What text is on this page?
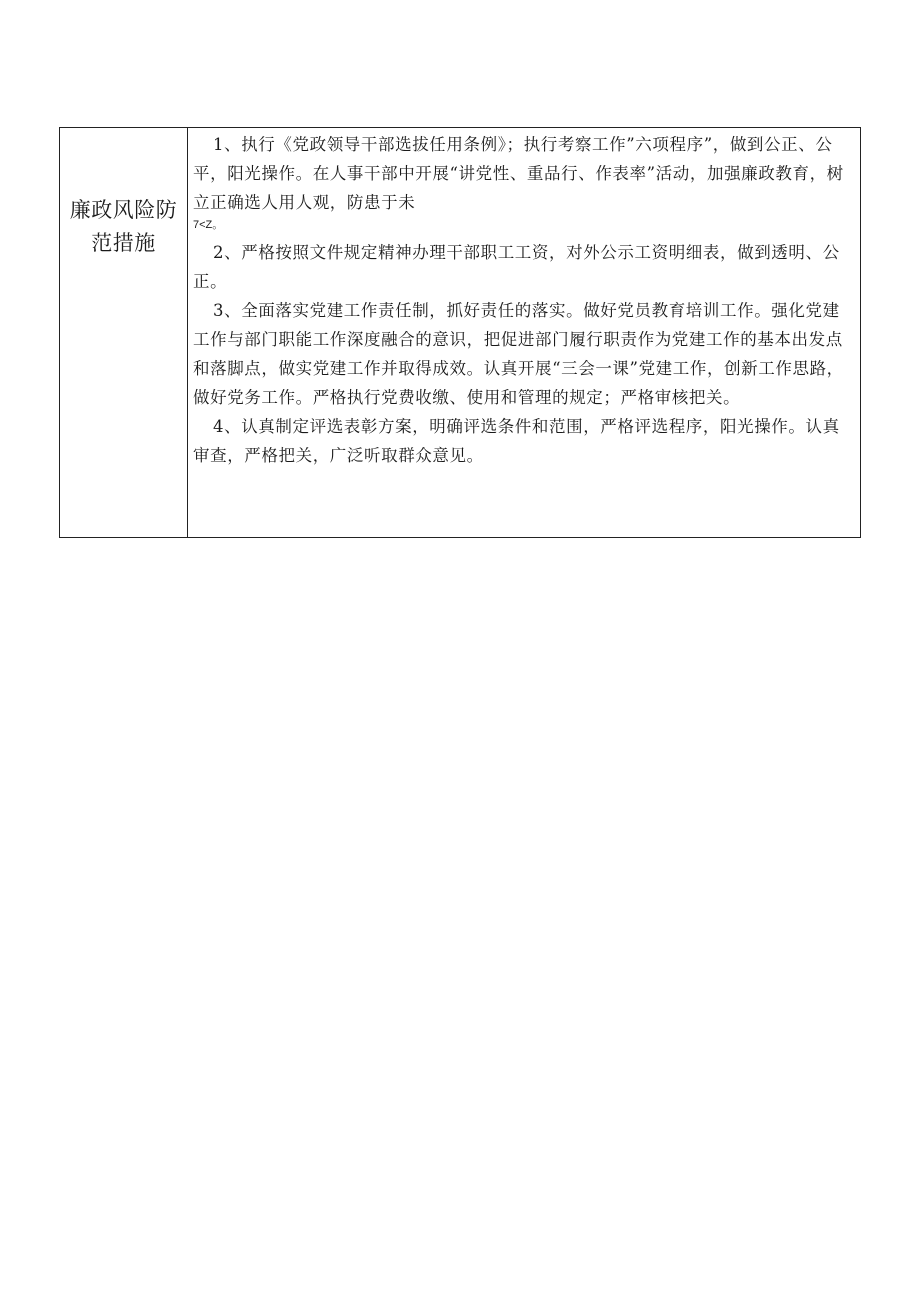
廉政风险防范措施

1、执行《党政领导干部选拔任用条例》；执行考察工作”六项程序”，做到公正、公平，阳光操作。在人事干部中开展“讲党性、重品行、作表率”活动，加强廉政教育，树立正确选人用人观，防患于未

7<Z。

2、严格按照文件规定精神办理干部职工工资，对外公示工资明细表，做到透明、公正。

3、全面落实党建工作责任制，抓好责任的落实。做好党员教育培训工作。强化党建工作与部门职能工作深度融合的意识，把促进部门履行职责作为党建工作的基本出发点和落脚点，做实党建工作并取得成效。认真开展“三会一课”党建工作，创新工作思路，做好党务工作。严格执行党费收缴、使用和管理的规定；严格审核把关。

4、认真制定评选表彰方案，明确评选条件和范围，严格评选程序，阳光操作。认真审查，严格把关，广泛听取群众意见。
